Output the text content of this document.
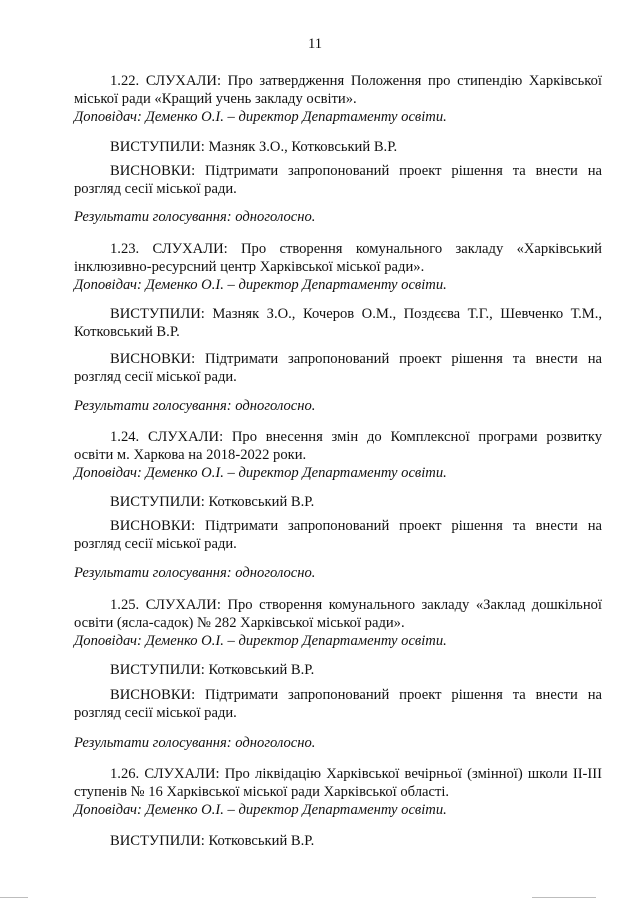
11

1.22. СЛУХАЛИ: Про затвердження Положення про стипендію Харківської міської ради «Кращий учень закладу освіти».

Доповідач: Деменко О.І. – директор Департаменту освіти.

ВИСТУПИЛИ: Мазняк З.О., Котковський В.Р.

ВИСНОВКИ: Підтримати запропонований проект рішення та внести на розгляд сесії міської ради.

Результати голосування: одноголосно.

1.23. СЛУХАЛИ: Про створення комунального закладу «Харківський інклюзивно-ресурсний центр Харківської міської ради».

Доповідач: Деменко О.І. – директор Департаменту освіти.

ВИСТУПИЛИ: Мазняк З.О., Кочеров О.М., Поздєєва Т.Г., Шевченко Т.М., Котковський В.Р.

ВИСНОВКИ: Підтримати запропонований проект рішення та внести на розгляд сесії міської ради.

Результати голосування: одноголосно.

1.24. СЛУХАЛИ: Про внесення змін до Комплексної програми розвитку освіти м. Харкова на 2018-2022 роки.

Доповідач: Деменко О.І. – директор Департаменту освіти.

ВИСТУПИЛИ: Котковський В.Р.

ВИСНОВКИ: Підтримати запропонований проект рішення та внести на розгляд сесії міської ради.

Результати голосування: одноголосно.

1.25. СЛУХАЛИ: Про створення комунального закладу «Заклад дошкільної освіти (ясла-садок) № 282 Харківської міської ради».

Доповідач: Деменко О.І. – директор Департаменту освіти.

ВИСТУПИЛИ: Котковський В.Р.

ВИСНОВКИ: Підтримати запропонований проект рішення та внести на розгляд сесії міської ради.

Результати голосування: одноголосно.

1.26. СЛУХАЛИ: Про ліквідацію Харківської вечірньої (змінної) школи ІІ-ІІІ ступенів № 16 Харківської міської ради Харківської області.

Доповідач: Деменко О.І. – директор Департаменту освіти.

ВИСТУПИЛИ: Котковський В.Р.
